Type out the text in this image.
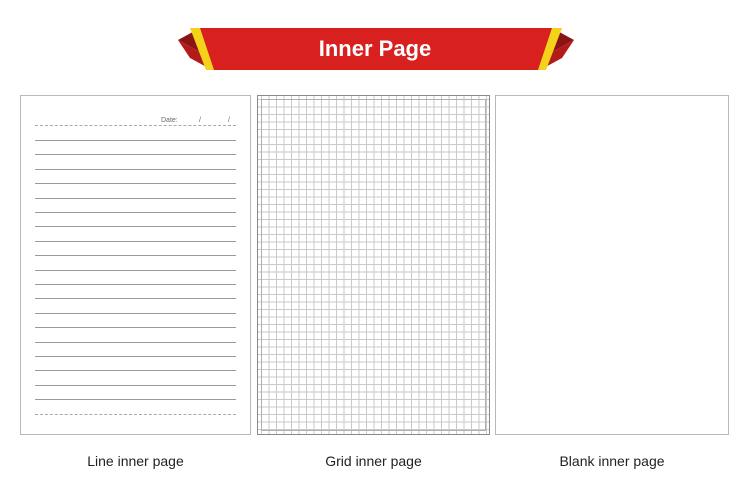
Inner Page
Date:	/	/
Line inner page	Grid inner page	Blank inner page
